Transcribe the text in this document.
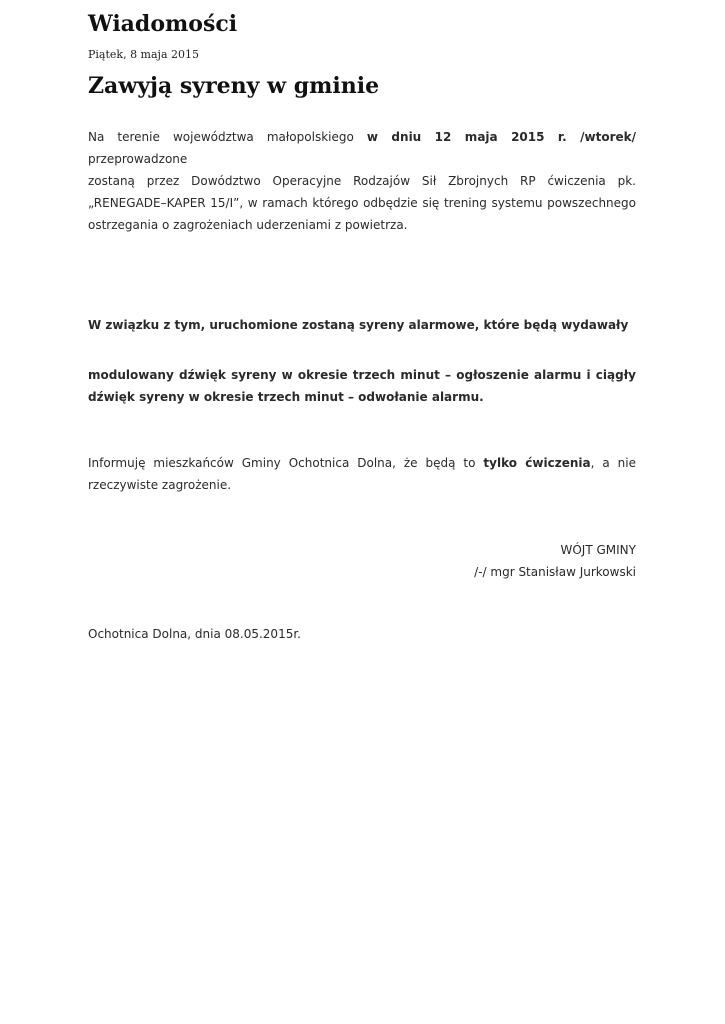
Wiadomości
Piątek, 8 maja 2015
Zawyją syreny w gminie
Na terenie województwa małopolskiego w dniu 12 maja 2015 r. /wtorek/ przeprowadzone
zostaną przez Dowództwo Operacyjne Rodzajów Sił Zbrojnych RP ćwiczenia pk.
„RENEGADE–KAPER 15/I”, w ramach którego odbędzie się trening systemu powszechnego
ostrzegania o zagrożeniach uderzeniami z powietrza.
W związku z tym, uruchomione zostaną syreny alarmowe, które będą wydawały
modulowany dźwięk syreny w okresie trzech minut – ogłoszenie alarmu i ciągły
dźwięk syreny w okresie trzech minut – odwołanie alarmu.
Informuję mieszkańców Gminy Ochotnica Dolna, że będą to tylko ćwiczenia, a nie
rzeczywiste zagrożenie.
WÓJT GMINY
/-/ mgr Stanisław Jurkowski
Ochotnica Dolna, dnia 08.05.2015r.
